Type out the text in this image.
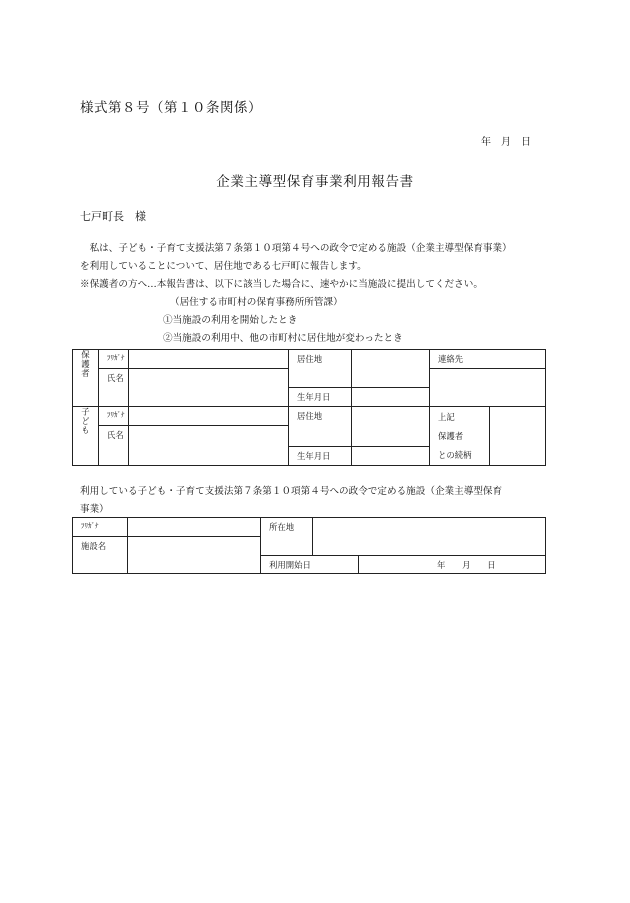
様式第８号（第１０条関係）
年　月　日
企業主導型保育事業利用報告書
七戸町長　様
　私は、子ども・子育て支援法第７条第１０項第４号への政令で定める施設（企業主導型保育事業）
を利用していることについて、居住地である七戸町に報告します。
※保護者の方へ…本報告書は、以下に該当した場合に、速やかに当施設に提出してください。
（居住する市町村の保育事務所所管課）
①当施設の利用を開始したとき
②当施設の利用中、他の市町村に居住地が変わったとき
保護者	ﾌﾘｶﾞﾅ		居住地		連絡先	
	氏名					
			生年月日			
子ども	ﾌﾘｶﾞﾅ		居住地		上記
保護者
との続柄	

	氏名					
			生年月日			
利用している子ども・子育て支援法第７条第１０項第４号への政令で定める施設（企業主導型保育
事業）
ﾌﾘｶﾞﾅ		所在地		
施設名				
		利用開始日		年　　月　　日
